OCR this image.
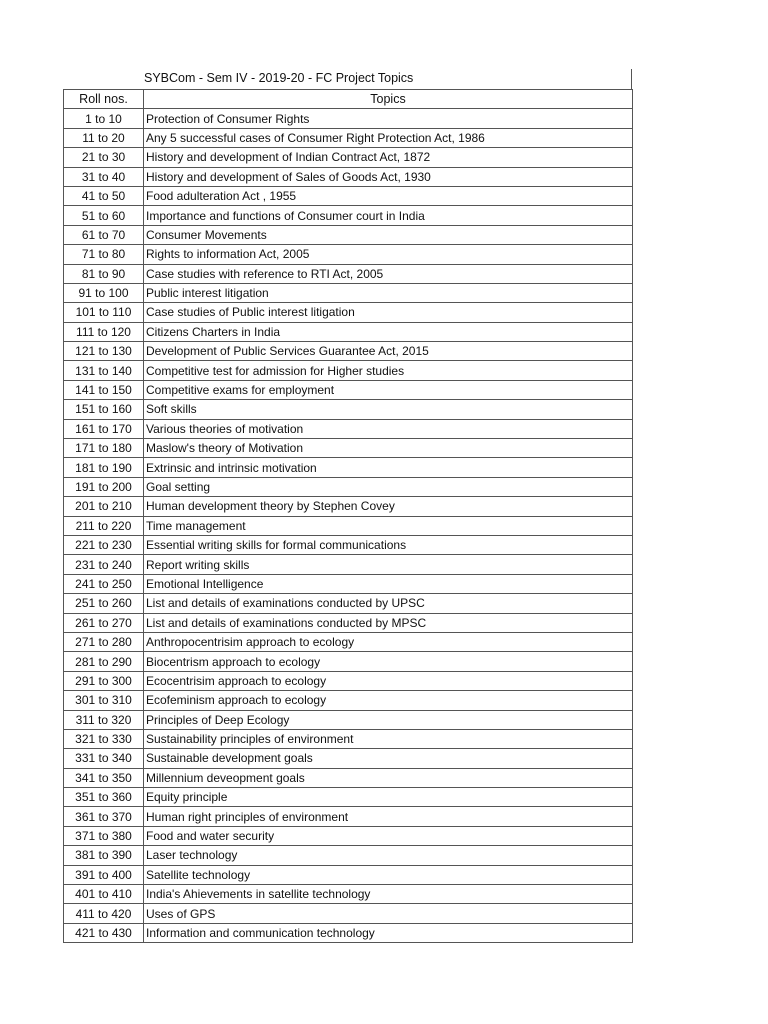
SYBCom - Sem IV - 2019-20 - FC Project Topics
Roll nos.	Topics
1 to 10	Protection of Consumer Rights
11 to 20	Any 5 successful cases of Consumer Right Protection Act, 1986
21 to 30	History and development of Indian Contract Act, 1872
31 to 40	History and development of Sales of Goods Act, 1930
41 to 50	Food adulteration Act , 1955
51 to 60	Importance and functions of Consumer court in India
61 to 70	Consumer Movements
71 to 80	Rights to information Act, 2005
81 to 90	Case studies with reference to RTI Act, 2005
91 to 100	Public interest litigation
101 to 110	Case studies of Public interest litigation
111 to 120	Citizens Charters in India
121 to 130	Development of Public Services Guarantee Act, 2015
131 to 140	Competitive test for admission for Higher studies
141 to 150	Competitive exams for employment
151 to 160	Soft skills
161 to 170	Various theories of motivation
171 to 180	Maslow's theory of Motivation
181 to 190	Extrinsic and intrinsic motivation
191 to 200	Goal setting
201 to 210	Human development theory by Stephen Covey
211 to 220	Time management
221 to 230	Essential writing skills for formal communications
231 to 240	Report writing skills
241 to 250	Emotional Intelligence
251 to 260	List and details of examinations conducted by UPSC
261 to 270	List and details of examinations conducted by MPSC
271 to 280	Anthropocentrisim approach to ecology
281 to 290	Biocentrism approach to ecology
291 to 300	Ecocentrisim approach to ecology
301 to 310	Ecofeminism approach to ecology
311 to 320	Principles of Deep Ecology
321 to 330	Sustainability principles of environment
331 to 340	Sustainable development goals
341 to 350	Millennium deveopment goals
351 to 360	Equity principle
361 to 370	Human right principles of environment
371 to 380	Food and water security
381 to 390	Laser technology
391 to 400	Satellite technology
401 to 410	India's Ahievements in satellite technology
411 to 420	Uses of GPS
421 to 430	Information and communication technology
